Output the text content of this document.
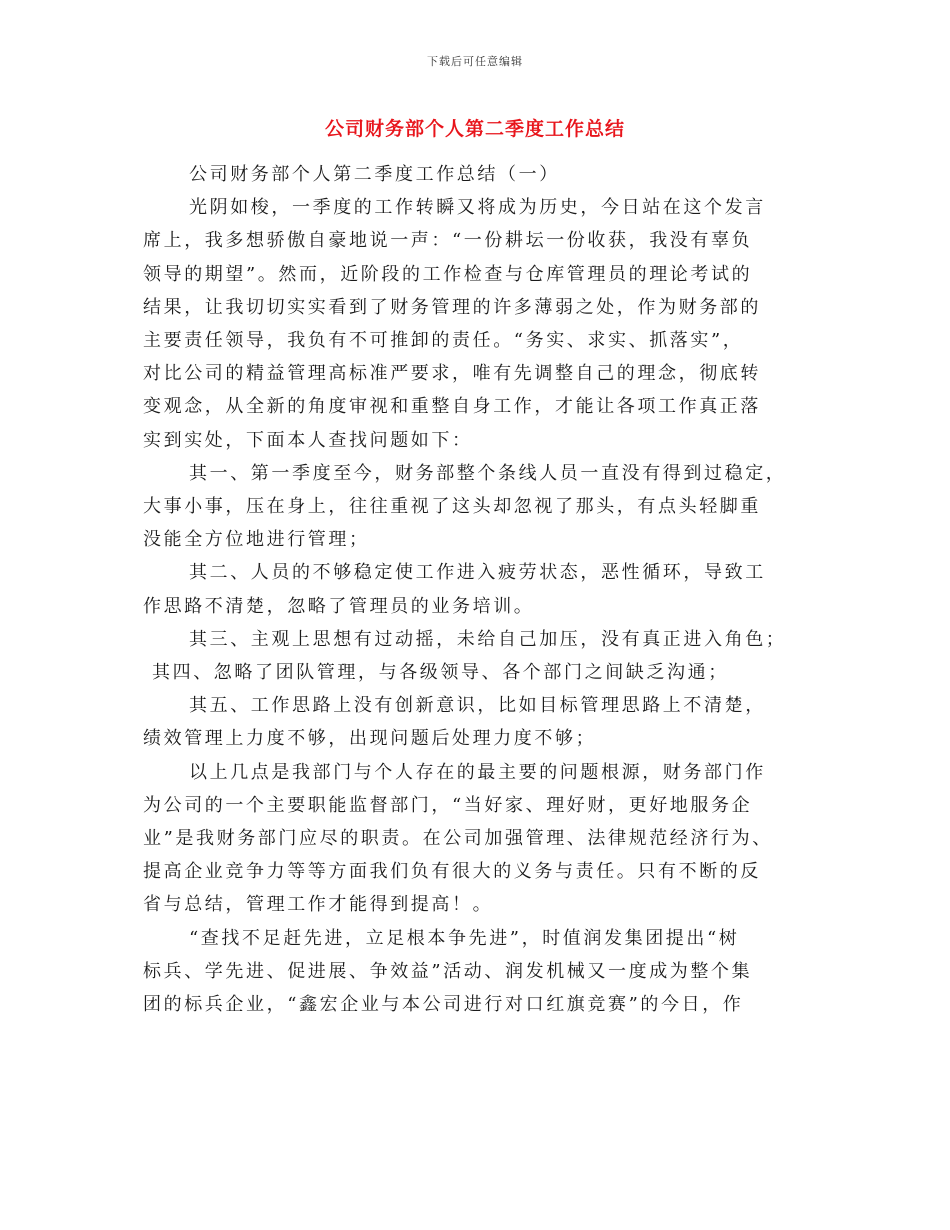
下载后可任意编辑
公司财务部个人第二季度工作总结
公司财务部个人第二季度工作总结（一）
光阴如梭，一季度的工作转瞬又将成为历史，今日站在这个发言
席上，我多想骄傲自豪地说一声：“一份耕坛一份收获，我没有辜负
领导的期望”。然而，近阶段的工作检查与仓库管理员的理论考试的
结果，让我切切实实看到了财务管理的许多薄弱之处，作为财务部的
主要责任领导，我负有不可推卸的责任。“务实、求实、抓落实”，
对比公司的精益管理高标准严要求，唯有先调整自己的理念，彻底转
变观念，从全新的角度审视和重整自身工作，才能让各项工作真正落
实到实处，下面本人查找问题如下：
其一、第一季度至今，财务部整个条线人员一直没有得到过稳定，
大事小事，压在身上，往往重视了这头却忽视了那头，有点头轻脚重
没能全方位地进行管理；
其二、人员的不够稳定使工作进入疲劳状态，恶性循环，导致工
作思路不清楚，忽略了管理员的业务培训。
其三、主观上思想有过动摇，未给自己加压，没有真正进入角色；
其四、忽略了团队管理，与各级领导、各个部门之间缺乏沟通；
其五、工作思路上没有创新意识，比如目标管理思路上不清楚，
绩效管理上力度不够，出现问题后处理力度不够；
以上几点是我部门与个人存在的最主要的问题根源，财务部门作
为公司的一个主要职能监督部门，“当好家、理好财，更好地服务企
业”是我财务部门应尽的职责。在公司加强管理、法律规范经济行为、
提高企业竞争力等等方面我们负有很大的义务与责任。只有不断的反
省与总结，管理工作才能得到提高！。
“查找不足赶先进，立足根本争先进”，时值润发集团提出“树
标兵、学先进、促进展、争效益”活动、润发机械又一度成为整个集
团的标兵企业，“鑫宏企业与本公司进行对口红旗竞赛”的今日，作
